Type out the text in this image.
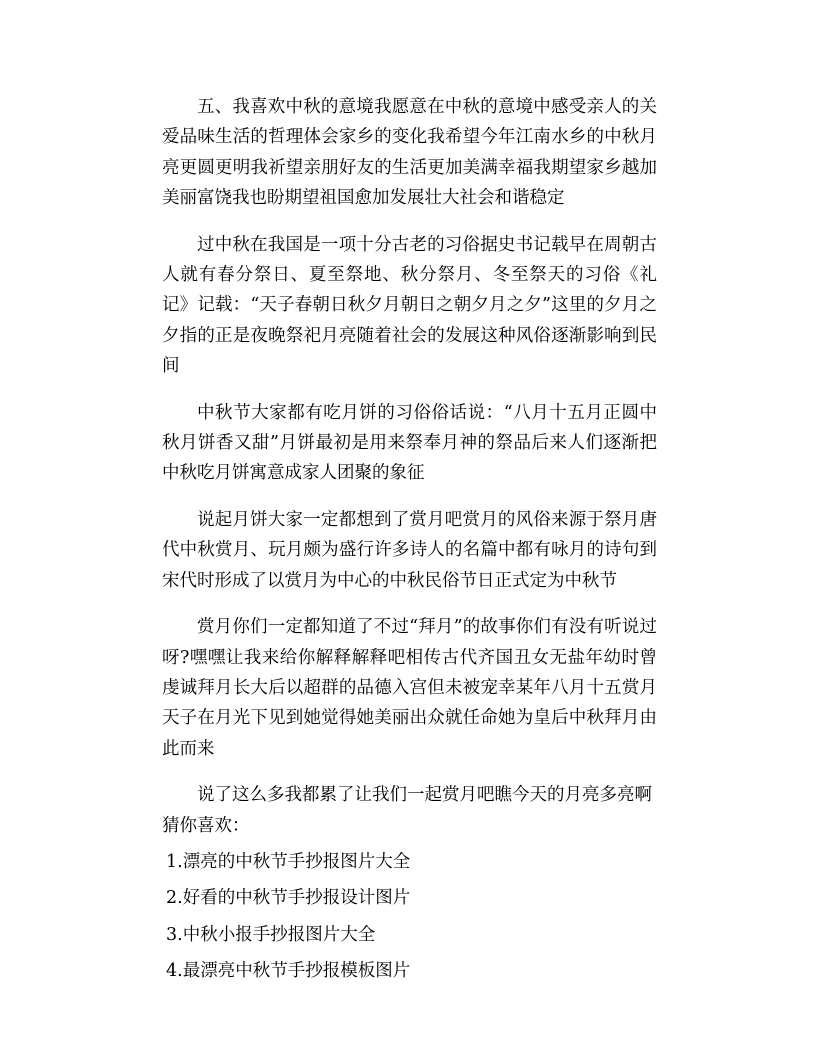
五、我喜欢中秋的意境我愿意在中秋的意境中感受亲人的关爱品味生活的哲理体会家乡的变化我希望今年江南水乡的中秋月亮更圆更明我祈望亲朋好友的生活更加美满幸福我期望家乡越加美丽富饶我也盼期望祖国愈加发展壮大社会和谐稳定

过中秋在我国是一项十分古老的习俗据史书记载早在周朝古人就有春分祭日、夏至祭地、秋分祭月、冬至祭天的习俗《礼记》记载：“天子春朝日秋夕月朝日之朝夕月之夕”这里的夕月之夕指的正是夜晚祭祀月亮随着社会的发展这种风俗逐渐影响到民间

中秋节大家都有吃月饼的习俗俗话说：“八月十五月正圆中秋月饼香又甜”月饼最初是用来祭奉月神的祭品后来人们逐渐把中秋吃月饼寓意成家人团聚的象征

说起月饼大家一定都想到了赏月吧赏月的风俗来源于祭月唐代中秋赏月、玩月颇为盛行许多诗人的名篇中都有咏月的诗句到宋代时形成了以赏月为中心的中秋民俗节日正式定为中秋节

赏月你们一定都知道了不过“拜月”的故事你们有没有听说过呀?嘿嘿让我来给你解释解释吧相传古代齐国丑女无盐年幼时曾虔诚拜月长大后以超群的品德入宫但未被宠幸某年八月十五赏月天子在月光下见到她觉得她美丽出众就任命她为皇后中秋拜月由此而来

说了这么多我都累了让我们一起赏月吧瞧今天的月亮多亮啊

猜你喜欢：

1.漂亮的中秋节手抄报图片大全
2.好看的中秋节手抄报设计图片
3.中秋小报手抄报图片大全
4.最漂亮中秋节手抄报模板图片
